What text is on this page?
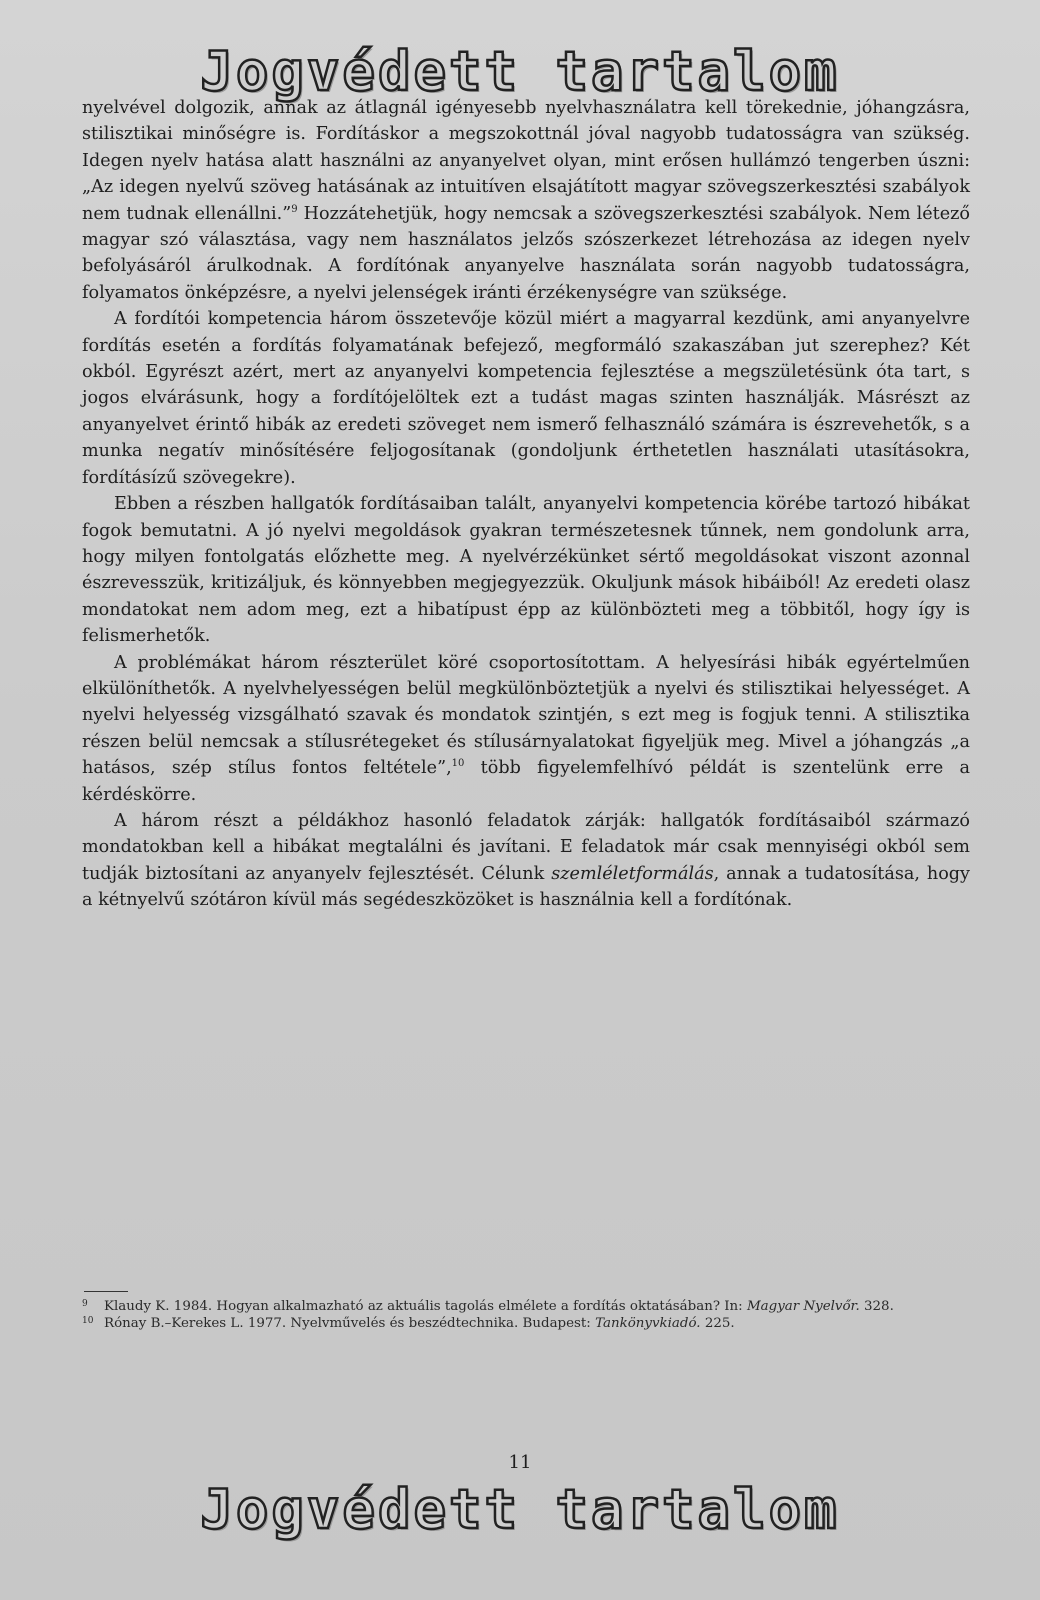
Jogvédett tartalom

nyelvével dolgozik, annak az átlagnál igényesebb nyelvhasználatra kell törekednie, jóhangzásra, stilisztikai minőségre is. Fordításkor a megszokottnál jóval nagyobb tudatosságra van szükség. Idegen nyelv hatása alatt használni az anyanyelvet olyan, mint erősen hullámzó tengerben úszni: „Az idegen nyelvű szöveg hatásának az intuitíven elsajátított magyar szövegszerkesztési szabályok nem tudnak ellenállni.”$^9$ Hozzátehetjük, hogy nemcsak a szövegszerkesztési szabályok. Nem létező magyar szó választása, vagy nem használatos jelzős szószerkezet létrehozása az idegen nyelv befolyásáról árulkodnak. A fordítónak anyanyelve használata során nagyobb tudatosságra, folyamatos önképzésre, a nyelvi jelenségek iránti érzékenységre van szüksége.

A fordítói kompetencia három összetevője közül miért a magyarral kezdünk, ami anyanyelvre fordítás esetén a fordítás folyamatának befejező, megformáló szakaszában jut szerephez? Két okból. Egyrészt azért, mert az anyanyelvi kompetencia fejlesztése a megszületésünk óta tart, s jogos elvárásunk, hogy a fordítójelöltek ezt a tudást magas szinten használják. Másrészt az anyanyelvet érintő hibák az eredeti szöveget nem ismerő felhasználó számára is észrevehetők, s a munka negatív minősítésére feljogosítanak (gondoljunk érthetetlen használati utasításokra, fordításízű szövegekre).

Ebben a részben hallgatók fordításaiban talált, anyanyelvi kompetencia körébe tartozó hibákat fogok bemutatni. A jó nyelvi megoldások gyakran természetesnek tűnnek, nem gondolunk arra, hogy milyen fontolgatás előzhette meg. A nyelvérzékünket sértő megoldásokat viszont azonnal észrevesszük, kritizáljuk, és könnyebben megjegyezzük. Okuljunk mások hibáiból! Az eredeti olasz mondatokat nem adom meg, ezt a hibatípust épp az különbözteti meg a többitől, hogy így is felismerhetők.

A problémákat három részterület köré csoportosítottam. A helyesírási hibák egyértelműen elkülöníthetők. A nyelvhelyességen belül megkülönböztetjük a nyelvi és stilisztikai helyességet. A nyelvi helyesség vizsgálható szavak és mondatok szintjén, s ezt meg is fogjuk tenni. A stilisztika részen belül nemcsak a stílusrétegeket és stílusárnyalatokat figyeljük meg. Mivel a jóhangzás „a hatásos, szép stílus fontos feltétele”,$^{10}$ több figyelemfelhívó példát is szentelünk erre a kérdéskörre.

A három részt a példákhoz hasonló feladatok zárják: hallgatók fordításaiból származó mondatokban kell a hibákat megtalálni és javítani. E feladatok már csak mennyiségi okból sem tudják biztosítani az anyanyelv fejlesztését. Célunk szemléletformálás, annak a tudatosítása, hogy a kétnyelvű szótáron kívül más segédeszközöket is használnia kell a fordítónak.

9 Klaudy K. 1984. Hogyan alkalmazható az aktuális tagolás elmélete a fordítás oktatásában? In: Magyar Nyelvőr. 328.
10 Rónay B.–Kerekes L. 1977. Nyelvművelés és beszédtechnika. Budapest: Tankönyvkiadó. 225.
11
Jogvédett tartalom
